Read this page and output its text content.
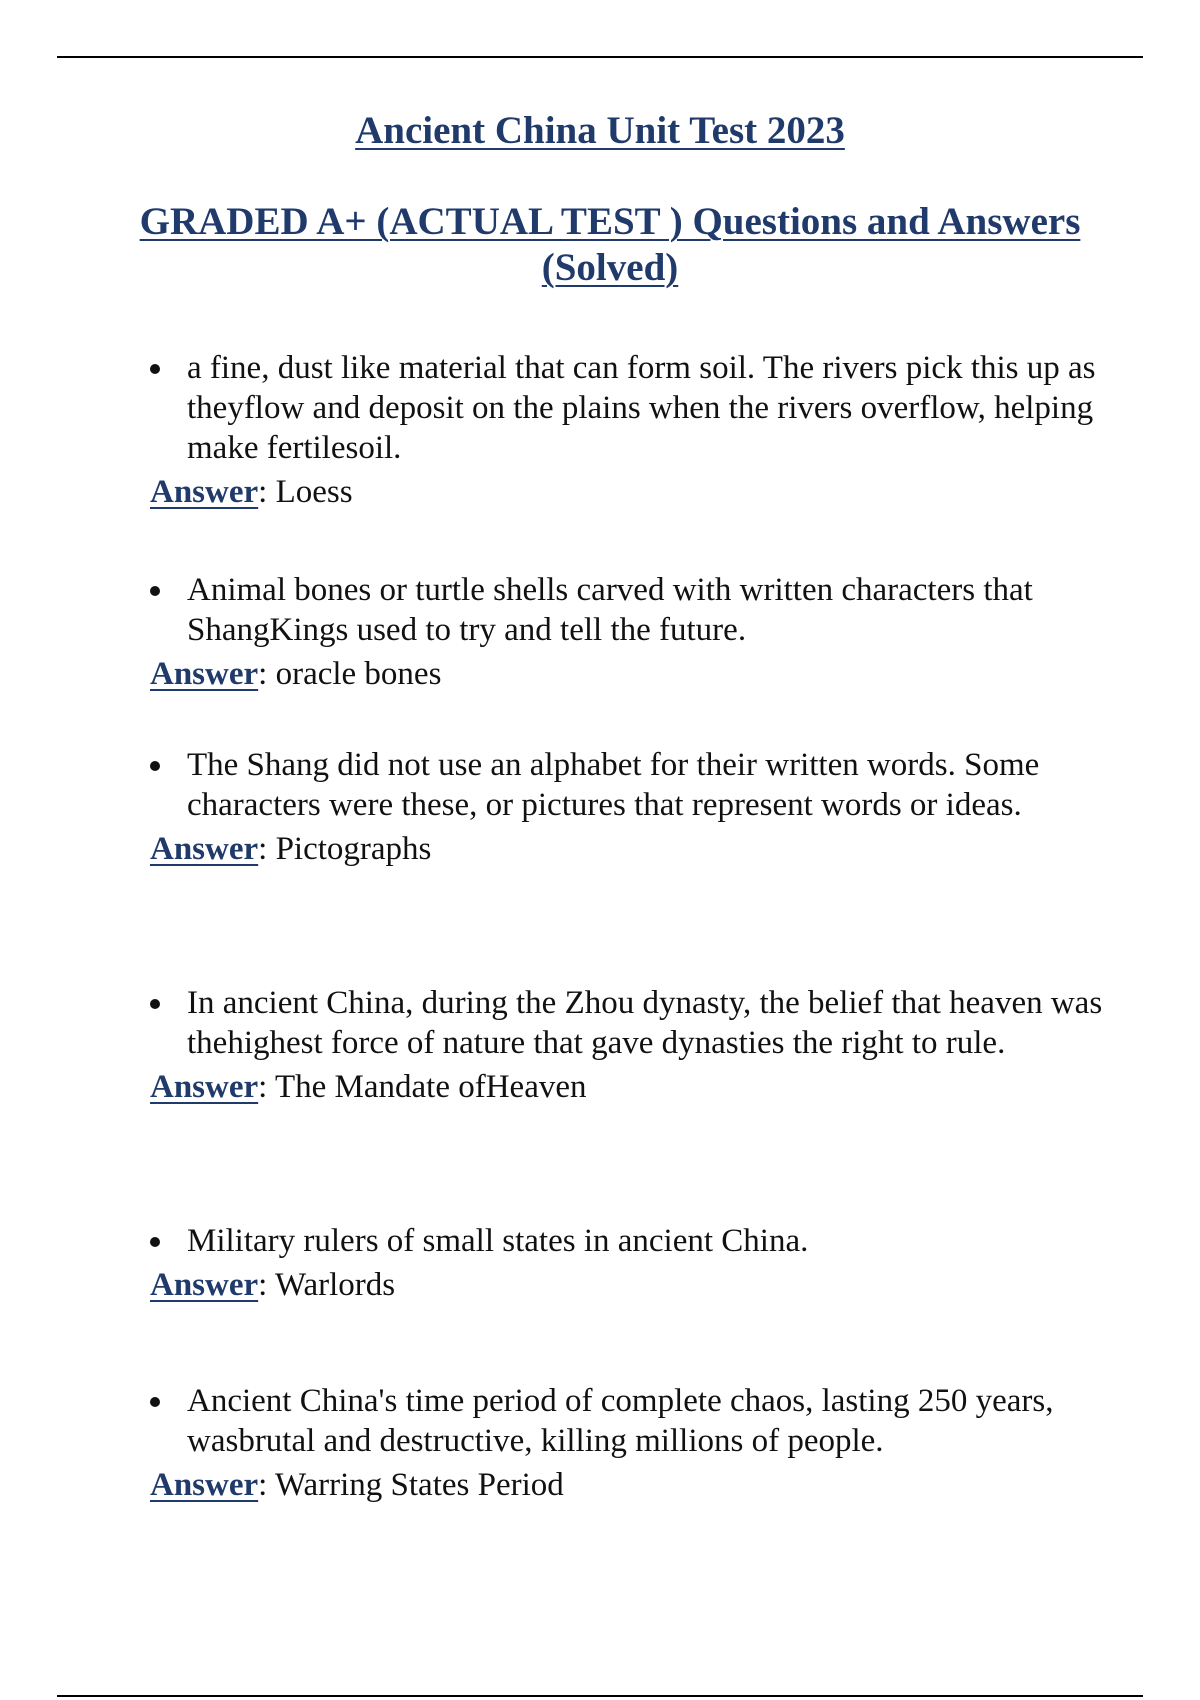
Ancient China Unit Test 2023
GRADED A+ (ACTUAL TEST ) Questions and Answers (Solved)

a fine, dust like material that can form soil. The rivers pick this up as theyflow and deposit on the plains when the rivers overflow, helping make fertilesoil.

Answer: Loess

Animal bones or turtle shells carved with written characters that ShangKings used to try and tell the future.

Answer: oracle bones

The Shang did not use an alphabet for their written words. Some characters were these, or pictures that represent words or ideas.

Answer: Pictographs

In ancient China, during the Zhou dynasty, the belief that heaven was thehighest force of nature that gave dynasties the right to rule.

Answer: The Mandate ofHeaven

Military rulers of small states in ancient China.

Answer: Warlords

Ancient China's time period of complete chaos, lasting 250 years, wasbrutal and destructive, killing millions of people.

Answer: Warring States Period
